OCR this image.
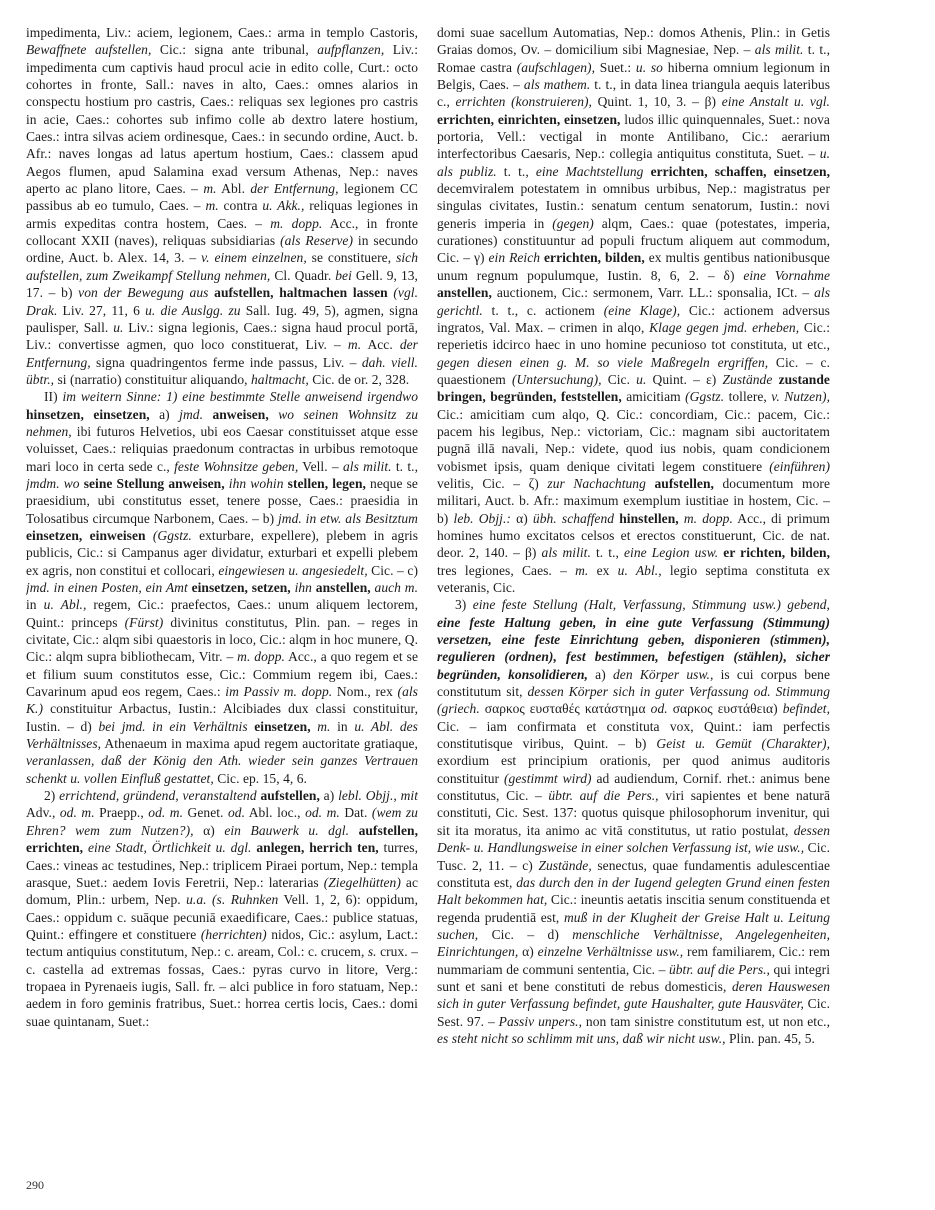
impedimenta, Liv.: aciem, legionem, Caes.: arma in templo Castoris, Bewaffnete aufstellen, Cic.: signa ante tribunal, aufpflanzen, Liv.: impedimenta cum captivis haud procul acie in edito colle, Curt.: octo cohortes in fronte, Sall.: naves in alto, Caes.: omnes alarios in conspectu hostium pro castris, Caes.: reliquas sex legiones pro castris in acie, Caes.: cohortes sub infimo colle ab dextro latere hostium, Caes.: intra silvas aciem ordinesque, Caes.: in secundo ordine, Auct. b. Afr.: naves longas ad latus apertum hostium, Caes.: classem apud Aegos flumen, apud Salamina exad versum Athenas, Nep.: naves aperto ac plano litore, Caes. – m. Abl. der Entfernung, legionem CC passibus ab eo tumulo, Caes. – m. contra u. Akk., reliquas legiones in armis expeditas contra hostem, Caes. – m. dopp. Acc., in fronte collocant XXII (naves), reliquas subsidiarias (als Reserve) in secundo ordine, Auct. b. Alex. 14, 3. – v. einem einzelnen, se constituere, sich aufstellen, zum Zweikampf Stellung nehmen, Cl. Quadr. bei Gell. 9, 13, 17. – b) von der Bewegung aus aufstellen, haltmachen lassen (vgl. Drak. Liv. 27, 11, 6 u. die Auslgg. zu Sall. Iug. 49, 5), agmen, signa paulisper, Sall. u. Liv.: signa legionis, Caes.: signa haud procul portā, Liv.: convertisse agmen, quo loco constituerat, Liv. – m. Acc. der Entfernung, signa quadringentos ferme inde passus, Liv. – dah. viell. übtr., si (narratio) constituitur aliquando, haltmacht, Cic. de or. 2, 328.

II) im weitern Sinne: 1) eine bestimmte Stelle anweisend irgendwo hinsetzen, einsetzen, a) jmd. anweisen, wo seinen Wohnsitz zu nehmen, ibi futuros Helvetios, ubi eos Caesar constituisset atque esse voluisset, Caes.: reliquias praedonum contractas in urbibus remotoque mari loco in certa sede c., feste Wohnsitze geben, Vell. – als milit. t. t., jmdm. wo seine Stellung anweisen, ihn wohin stellen, legen, neque se praesidium, ubi constitutus esset, tenere posse, Caes.: praesidia in Tolosatibus circumque Narbonem, Caes. – b) jmd. in etw. als Besitztum einsetzen, einweisen (Ggstz. exturbare, expellere), plebem in agris publicis, Cic.: si Campanus ager dividatur, exturbari et expelli plebem ex agris, non constitui et collocari, eingewiesen u. angesiedelt, Cic. – c) jmd. in einen Posten, ein Amt einsetzen, setzen, ihn anstellen, auch m. in u. Abl., regem, Cic.: praefectos, Caes.: unum aliquem lectorem, Quint.: princeps (Fürst) divinitus constitutus, Plin. pan. – reges in civitate, Cic.: alqm sibi quaestoris in loco, Cic.: alqm in hoc munere, Q. Cic.: alqm supra bibliothecam, Vitr. – m. dopp. Acc., a quo regem et se et filium suum constitutos esse, Cic.: Commium regem ibi, Caes.: Cavarinum apud eos regem, Caes.: im Passiv m. dopp. Nom., rex (als K.) constituitur Arbactus, Iustin.: Alcibiades dux classi constituitur, Iustin. – d) bei jmd. in ein Verhältnis einsetzen, m. in u. Abl. des Verhältnisses, Athenaeum in maxima apud regem auctoritate gratiaque, veranlassen, daß der König den Ath. wieder sein ganzes Vertrauen schenkt u. vollen Einfluß gestattet, Cic. ep. 15, 4, 6.

2) errichtend, gründend, veranstaltend aufstellen, a) lebl. Objj., mit Adv., od. m. Praepp., od. m. Genet. od. Abl. loc., od. m. Dat. (wem zu Ehren? wem zum Nutzen?), α) ein Bauwerk u. dgl. aufstellen, errichten, eine Stadt, Örtlichkeit u. dgl. anlegen, herrich ten, turres, Caes.: vineas ac testudines, Nep.: triplicem Piraei portum, Nep.: templa arasque, Suet.: aedem Iovis Feretrii, Nep.: laterarias (Ziegelhütten) ac domum, Plin.: urbem, Nep. u.a. (s. Ruhnken Vell. 1, 2, 6): oppidum, Caes.: oppidum c. suāque pecuniā exaedificare, Caes.: publice statuas, Quint.: effingere et constituere (herrichten) nidos, Cic.: asylum, Lact.: tectum antiquius constitutum, Nep.: c. aream, Col.: c. crucem, s. crux. – c. castella ad extremas fossas, Caes.: pyras curvo in litore, Verg.: tropaea in Pyrenaeis iugis, Sall. fr. – alci publice in foro statuam, Nep.: aedem in foro geminis fratribus, Suet.: horrea certis locis, Caes.: domi suae quintanam, Suet.:

domi suae sacellum Automatias, Nep.: domos Athenis, Plin.: in Getis Graias domos, Ov. – domicilium sibi Magnesiae, Nep. – als milit. t. t., Romae castra (aufschlagen), Suet.: u. so hiberna omnium legionum in Belgis, Caes. – als mathem. t. t., in data linea triangula aequis lateribus c., errichten (konstruieren), Quint. 1, 10, 3. – β) eine Anstalt u. vgl. errichten, einrichten, einsetzen, ludos illic quinquennales, Suet.: nova portoria, Vell.: vectigal in monte Antilibano, Cic.: aerarium interfectoribus Caesaris, Nep.: collegia antiquitus constituta, Suet. – u. als publiz. t. t., eine Machtstellung errichten, schaffen, einsetzen, decemviralem potestatem in omnibus urbibus, Nep.: magistratus per singulas civitates, Iustin.: senatum centum senatorum, Iustin.: novi generis imperia in (gegen) alqm, Caes.: quae (potestates, imperia, curationes) constituuntur ad populi fructum aliquem aut commodum, Cic. – γ) ein Reich errichten, bilden, ex multis gentibus nationibusque unum regnum populumque, Iustin. 8, 6, 2. – δ) eine Vornahme anstellen, auctionem, Cic.: sermonem, Varr. LL.: sponsalia, ICt. – als gerichtl. t. t., c. actionem (eine Klage), Cic.: actionem adversus ingratos, Val. Max. – crimen in alqo, Klage gegen jmd. erheben, Cic.: reperietis idcirco haec in uno homine pecunioso tot constituta, ut etc., gegen diesen einen g. M. so viele Maßregeln ergriffen, Cic. – c. quaestionem (Untersuchung), Cic. u. Quint. – ε) Zustände zustande bringen, begründen, feststellen, amicitiam (Ggstz. tollere, v. Nutzen), Cic.: amicitiam cum alqo, Q. Cic.: concordiam, Cic.: pacem, Cic.: pacem his legibus, Nep.: victoriam, Cic.: magnam sibi auctoritatem pugnā illā navali, Nep.: videte, quod ius nobis, quam condicionem vobismet ipsis, quam denique civitati legem constituere (einführen) velitis, Cic. – ζ) zur Nachachtung aufstellen, documentum more militari, Auct. b. Afr.: maximum exemplum iustitiae in hostem, Cic. – b) leb. Objj.: α) übh. schaffend hinstellen, m. dopp. Acc., di primum homines humo excitatos celsos et erectos constituerunt, Cic. de nat. deor. 2, 140. – β) als milit. t. t., eine Legion usw. er richten, bilden, tres legiones, Caes. – m. ex u. Abl., legio septima constituta ex veteranis, Cic.

3) eine feste Stellung (Halt, Verfassung, Stimmung usw.) gebend, eine feste Haltung geben, in eine gute Verfassung (Stimmung) versetzen, eine feste Einrichtung geben, disponieren (stimmen), regulieren (ordnen), fest bestimmen, befestigen (stählen), sicher begründen, konsolidieren, a) den Körper usw., is cui corpus bene constitutum sit, dessen Körper sich in guter Verfassung od. Stimmung (griech. σαρκος ευσταθές κατάστημα od. σαρκος ευστάθεια) befindet, Cic. – iam confirmata et constituta vox, Quint.: iam perfectis constitutisque viribus, Quint. – b) Geist u. Gemüt (Charakter), exordium est principium orationis, per quod animus auditoris constituitur (gestimmt wird) ad audiendum, Cornif. rhet.: animus bene constitutus, Cic. – übtr. auf die Pers., viri sapientes et bene naturā constituti, Cic. Sest. 137: quotus quisque philosophorum invenitur, qui sit ita moratus, ita animo ac vitā constitutus, ut ratio postulat, dessen Denk- u. Handlungsweise in einer solchen Verfassung ist, wie usw., Cic. Tusc. 2, 11. – c) Zustände, senectus, quae fundamentis adulescentiae constituta est, das durch den in der Iugend gelegten Grund einen festen Halt bekommen hat, Cic.: ineuntis aetatis inscitia senum constituenda et regenda prudentiā est, muß in der Klugheit der Greise Halt u. Leitung suchen, Cic. – d) menschliche Verhältnisse, Angelegenheiten, Einrichtungen, α) einzelne Verhältnisse usw., rem familiarem, Cic.: rem nummariam de communi sententia, Cic. – übtr. auf die Pers., qui integri sunt et sani et bene constituti de rebus domesticis, deren Hauswesen sich in guter Verfassung befindet, gute Haushalter, gute Hausväter, Cic. Sest. 97. – Passiv unpers., non tam sinistre constitutum est, ut non etc., es steht nicht so schlimm mit uns, daß wir nicht usw., Plin. pan. 45, 5.

290
